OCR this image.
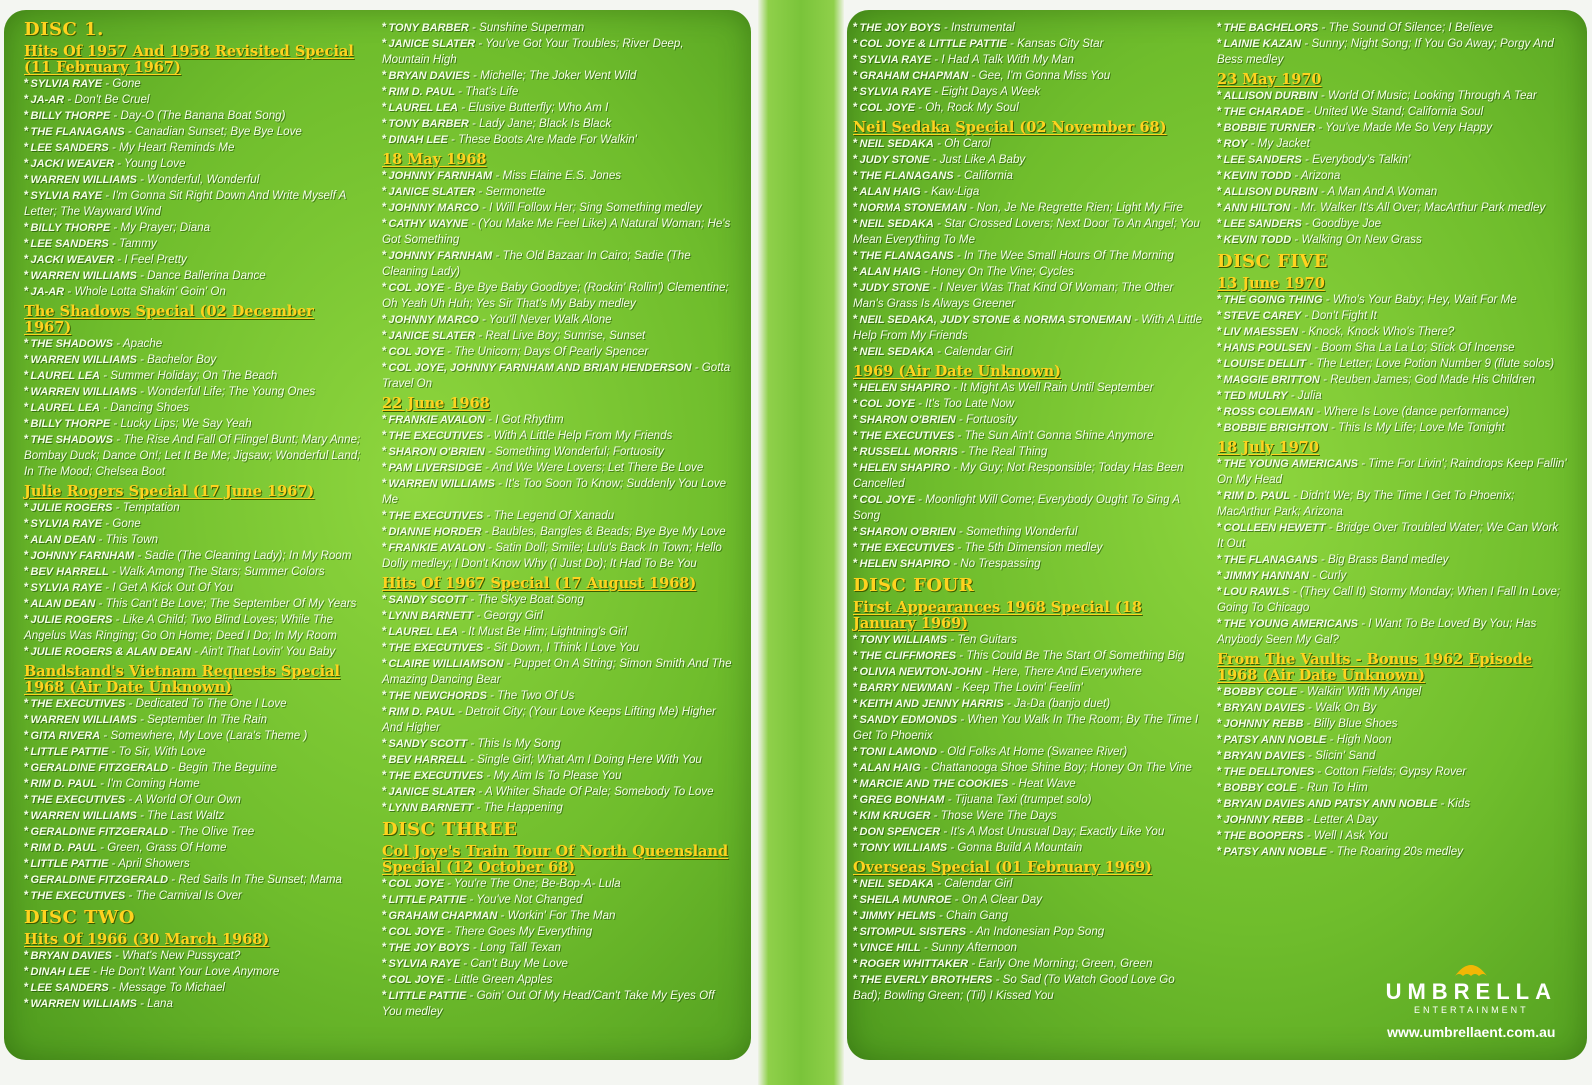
DISC 1.
Hits Of 1957 And 1958 Revisited Special (11 February 1967)
* SYLVIA RAYE - Gone
* JA-AR - Don't Be Cruel
* BILLY THORPE - Day-O (The Banana Boat Song)
* THE FLANAGANS - Canadian Sunset; Bye Bye Love
* LEE SANDERS - My Heart Reminds Me
* JACKI WEAVER - Young Love
* WARREN WILLIAMS - Wonderful, Wonderful
* SYLVIA RAYE - I'm Gonna Sit Right Down And Write Myself A Letter; The Wayward Wind
* BILLY THORPE - My Prayer; Diana
* LEE SANDERS - Tammy
* JACKI WEAVER - I Feel Pretty
* WARREN WILLIAMS - Dance Ballerina Dance
* JA-AR - Whole Lotta Shakin' Goin' On
The Shadows Special (02 December 1967)
* THE SHADOWS - Apache
* WARREN WILLIAMS - Bachelor Boy
* LAUREL LEA - Summer Holiday; On The Beach
* WARREN WILLIAMS - Wonderful Life; The Young Ones
* LAUREL LEA - Dancing Shoes
* BILLY THORPE - Lucky Lips; We Say Yeah
* THE SHADOWS - The Rise And Fall Of Flingel Bunt; Mary Anne; Bombay Duck; Dance On!; Let It Be Me; Jigsaw; Wonderful Land; In The Mood; Chelsea Boot
Julie Rogers Special (17 June 1967)
* JULIE ROGERS - Temptation
* SYLVIA RAYE - Gone
* ALAN DEAN - This Town
* JOHNNY FARNHAM - Sadie (The Cleaning Lady); In My Room
* BEV HARRELL - Walk Among The Stars; Summer Colors
* SYLVIA RAYE - I Get A Kick Out Of You
* ALAN DEAN - This Can't Be Love; The September Of My Years
* JULIE ROGERS - Like A Child; Two Blind Loves; While The Angelus Was Ringing; Go On Home; Deed I Do; In My Room
* JULIE ROGERS & ALAN DEAN - Ain't That Lovin' You Baby
Bandstand's Vietnam Requests Special 1968 (Air Date Unknown)
* THE EXECUTIVES - Dedicated To The One I Love
* WARREN WILLIAMS - September In The Rain
* GITA RIVERA - Somewhere, My Love (Lara's Theme )
* LITTLE PATTIE - To Sir, With Love
* GERALDINE FITZGERALD - Begin The Beguine
* RIM D. PAUL - I'm Coming Home
* THE EXECUTIVES - A World Of Our Own
* WARREN WILLIAMS - The Last Waltz
* GERALDINE FITZGERALD - The Olive Tree
* RIM D. PAUL - Green, Grass Of Home
* LITTLE PATTIE - April Showers
* GERALDINE FITZGERALD - Red Sails In The Sunset; Mama
* THE EXECUTIVES - The Carnival Is Over
DISC TWO
Hits Of 1966 (30 March 1968)
* BRYAN DAVIES - What's New Pussycat?
* DINAH LEE - He Don't Want Your Love Anymore
* LEE SANDERS - Message To Michael
* WARREN WILLIAMS - Lana
* TONY BARBER - Sunshine Superman
* JANICE SLATER - You've Got Your Troubles; River Deep, Mountain High
* BRYAN DAVIES - Michelle; The Joker Went Wild
* RIM D. PAUL - That's Life
* LAUREL LEA - Elusive Butterfly; Who Am I
* TONY BARBER - Lady Jane; Black Is Black
* DINAH LEE - These Boots Are Made For Walkin'
18 May 1968
* JOHNNY FARNHAM - Miss Elaine E.S. Jones
* JANICE SLATER - Sermonette
* JOHNNY MARCO - I Will Follow Her; Sing Something medley
* CATHY WAYNE - (You Make Me Feel Like) A Natural Woman; He's Got Something
* JOHNNY FARNHAM - The Old Bazaar In Cairo; Sadie (The Cleaning Lady)
* COL JOYE - Bye Bye Baby Goodbye; (Rockin' Rollin') Clementine; Oh Yeah Uh Huh; Yes Sir That's My Baby medley
* JOHNNY MARCO - You'll Never Walk Alone
* JANICE SLATER - Real Live Boy; Sunrise, Sunset
* COL JOYE - The Unicorn; Days Of Pearly Spencer
* COL JOYE, JOHNNY FARNHAM AND BRIAN HENDERSON - Gotta Travel On
22 June 1968
* FRANKIE AVALON - I Got Rhythm
* THE EXECUTIVES - With A Little Help From My Friends
* SHARON O'BRIEN - Something Wonderful; Fortuosity
* PAM LIVERSIDGE - And We Were Lovers; Let There Be Love
* WARREN WILLIAMS - It's Too Soon To Know; Suddenly You Love Me
* THE EXECUTIVES - The Legend Of Xanadu
* DIANNE HORDER - Baubles, Bangles & Beads; Bye Bye My Love
* FRANKIE AVALON - Satin Doll; Smile; Lulu's Back In Town; Hello Dolly medley; I Don't Know Why (I Just Do); It Had To Be You
Hits Of 1967 Special (17 August 1968)
* SANDY SCOTT - The Skye Boat Song
* LYNN BARNETT - Georgy Girl
* LAUREL LEA - It Must Be Him; Lightning's Girl
* THE EXECUTIVES - Sit Down, I Think I Love You
* CLAIRE WILLIAMSON - Puppet On A String; Simon Smith And The Amazing Dancing Bear
* THE NEWCHORDS - The Two Of Us
* RIM D. PAUL - Detroit City; (Your Love Keeps Lifting Me) Higher And Higher
* SANDY SCOTT - This Is My Song
* BEV HARRELL - Single Girl; What Am I Doing Here With You
* THE EXECUTIVES - My Aim Is To Please You
* JANICE SLATER - A Whiter Shade Of Pale; Somebody To Love
* LYNN BARNETT - The Happening
DISC THREE
Col Joye's Train Tour Of North Queensland Special (12 October 68)
* COL JOYE - You're The One; Be-Bop-A- Lula
* LITTLE PATTIE - You've Not Changed
* GRAHAM CHAPMAN - Workin' For The Man
* COL JOYE - There Goes My Everything
* THE JOY BOYS - Long Tall Texan
* SYLVIA RAYE - Can't Buy Me Love
* COL JOYE - Little Green Apples
* LITTLE PATTIE - Goin' Out Of My Head/Can't Take My Eyes Off You medley
* THE JOY BOYS - Instrumental
* COL JOYE & LITTLE PATTIE - Kansas City Star
* SYLVIA RAYE - I Had A Talk With My Man
* GRAHAM CHAPMAN - Gee, I'm Gonna Miss You
* SYLVIA RAYE - Eight Days A Week
* COL JOYE - Oh, Rock My Soul
Neil Sedaka Special (02 November 68)
* NEIL SEDAKA - Oh Carol
* JUDY STONE - Just Like A Baby
* THE FLANAGANS - California
* ALAN HAIG - Kaw-Liga
* NORMA STONEMAN - Non, Je Ne Regrette Rien; Light My Fire
* NEIL SEDAKA - Star Crossed Lovers; Next Door To An Angel; You Mean Everything To Me
* THE FLANAGANS - In The Wee Small Hours Of The Morning
* ALAN HAIG - Honey On The Vine; Cycles
* JUDY STONE - I Never Was That Kind Of Woman; The Other Man's Grass Is Always Greener
* NEIL SEDAKA, JUDY STONE & NORMA STONEMAN - With A Little Help From My Friends
* NEIL SEDAKA - Calendar Girl
1969 (Air Date Unknown)
* HELEN SHAPIRO - It Might As Well Rain Until September
* COL JOYE - It's Too Late Now
* SHARON O'BRIEN - Fortuosity
* THE EXECUTIVES - The Sun Ain't Gonna Shine Anymore
* RUSSELL MORRIS - The Real Thing
* HELEN SHAPIRO - My Guy; Not Responsible; Today Has Been Cancelled
* COL JOYE - Moonlight Will Come; Everybody Ought To Sing A Song
* SHARON O'BRIEN - Something Wonderful
* THE EXECUTIVES - The 5th Dimension medley
* HELEN SHAPIRO - No Trespassing
DISC FOUR
First Appearances 1968 Special (18 January 1969)
* TONY WILLIAMS - Ten Guitars
* THE CLIFFMORES - This Could Be The Start Of Something Big
* OLIVIA NEWTON-JOHN - Here, There And Everywhere
* BARRY NEWMAN - Keep The Lovin' Feelin'
* KEITH AND JENNY HARRIS - Ja-Da (banjo duet)
* SANDY EDMONDS - When You Walk In The Room; By The Time I Get To Phoenix
* TONI LAMOND - Old Folks At Home (Swanee River)
* ALAN HAIG - Chattanooga Shoe Shine Boy; Honey On The Vine
* MARCIE AND THE COOKIES - Heat Wave
* GREG BONHAM - Tijuana Taxi (trumpet solo)
* KIM KRUGER - Those Were The Days
* DON SPENCER - It's A Most Unusual Day; Exactly Like You
* TONY WILLIAMS - Gonna Build A Mountain
Overseas Special (01 February 1969)
* NEIL SEDAKA - Calendar Girl
* SHEILA MUNROE - On A Clear Day
* JIMMY HELMS - Chain Gang
* SITOMPUL SISTERS - An Indonesian Pop Song
* VINCE HILL - Sunny Afternoon
* ROGER WHITTAKER - Early One Morning; Green, Green
* THE EVERLY BROTHERS - So Sad (To Watch Good Love Go Bad); Bowling Green; (Til) I Kissed You
* THE BACHELORS - The Sound Of Silence; I Believe
* LAINIE KAZAN - Sunny; Night Song; If You Go Away; Porgy And Bess medley
23 May 1970
* ALLISON DURBIN - World Of Music; Looking Through A Tear
* THE CHARADE - United We Stand; California Soul
* BOBBIE TURNER - You've Made Me So Very Happy
* ROY - My Jacket
* LEE SANDERS - Everybody's Talkin'
* KEVIN TODD - Arizona
* ALLISON DURBIN - A Man And A Woman
* ANN HILTON - Mr. Walker It's All Over; MacArthur Park medley
* LEE SANDERS - Goodbye Joe
* KEVIN TODD - Walking On New Grass
DISC FIVE
13 June 1970
* THE GOING THING - Who's Your Baby; Hey, Wait For Me
* STEVE CAREY - Don't Fight It
* LIV MAESSEN - Knock, Knock Who's There?
* HANS POULSEN - Boom Sha La La Lo; Stick Of Incense
* LOUISE DELLIT - The Letter; Love Potion Number 9 (flute solos)
* MAGGIE BRITTON - Reuben James; God Made His Children
* TED MULRY - Julia
* ROSS COLEMAN - Where Is Love (dance performance)
* BOBBIE BRIGHTON - This Is My Life; Love Me Tonight
18 July 1970
* THE YOUNG AMERICANS - Time For Livin'; Raindrops Keep Fallin' On My Head
* RIM D. PAUL - Didn't We; By The Time I Get To Phoenix; MacArthur Park; Arizona
* COLLEEN HEWETT - Bridge Over Troubled Water; We Can Work It Out
* THE FLANAGANS - Big Brass Band medley
* JIMMY HANNAN - Curly
* LOU RAWLS - (They Call It) Stormy Monday; When I Fall In Love; Going To Chicago
* THE YOUNG AMERICANS - I Want To Be Loved By You; Has Anybody Seen My Gal?
From The Vaults - Bonus 1962 Episode 1968 (Air Date Unknown)
* BOBBY COLE - Walkin' With My Angel
* BRYAN DAVIES - Walk On By
* JOHNNY REBB - Billy Blue Shoes
* PATSY ANN NOBLE - High Noon
* BRYAN DAVIES - Slicin' Sand
* THE DELLTONES - Cotton Fields; Gypsy Rover
* BOBBY COLE - Run To Him
* BRYAN DAVIES AND PATSY ANN NOBLE - Kids
* JOHNNY REBB - Letter A Day
* THE BOOPERS - Well I Ask You
* PATSY ANN NOBLE - The Roaring 20s medley
UMBRELLA
ENTERTAINMENT
www.umbrellaent.com.au
